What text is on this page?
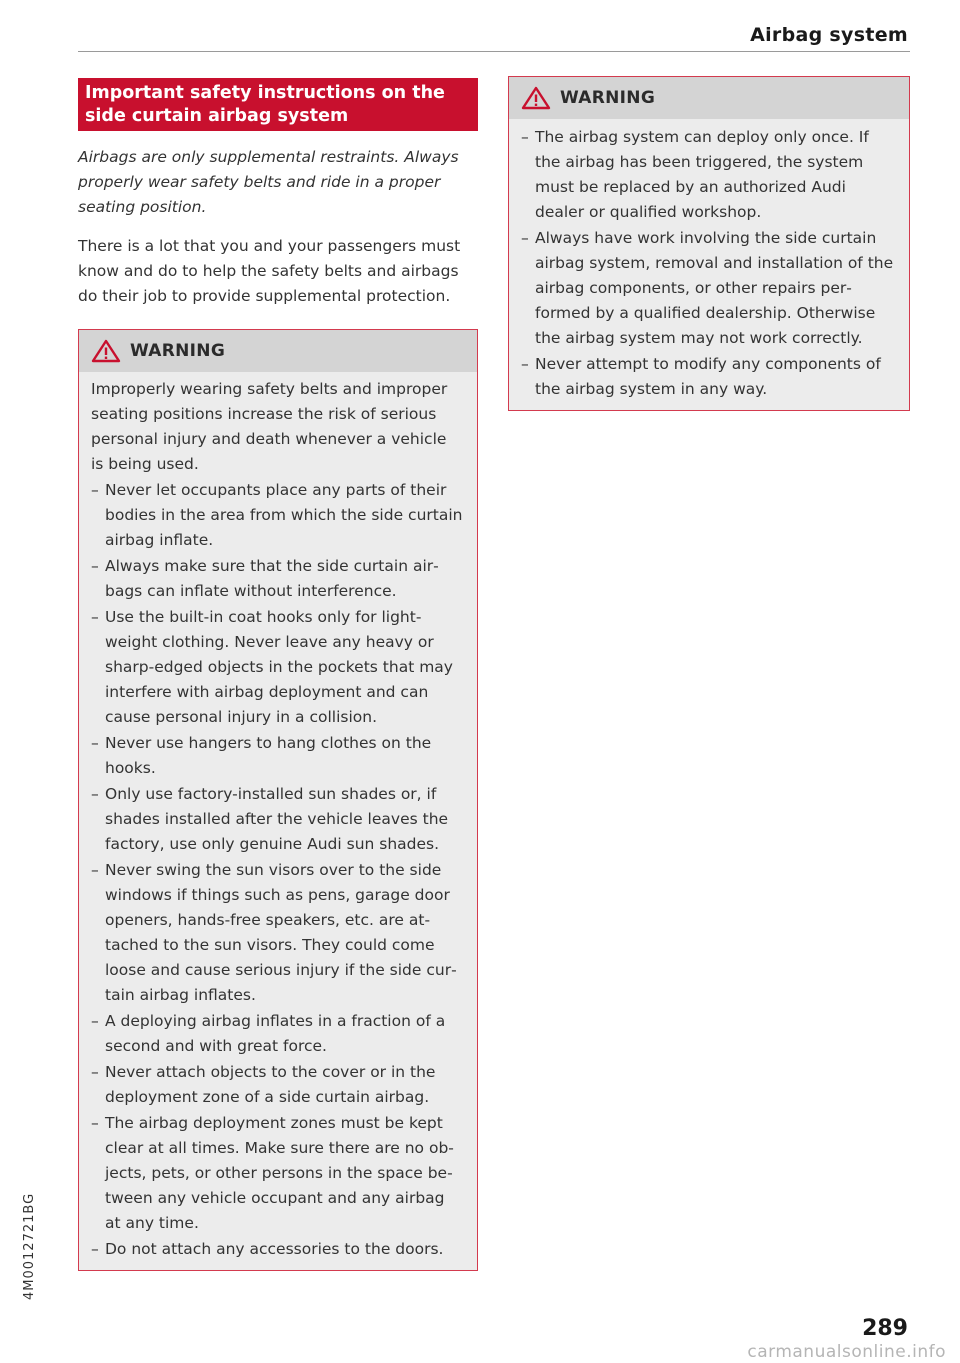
Airbag system
4M0012721BG
Important safety instructions on the side curtain airbag system

Airbags are only supplemental restraints. Always properly wear safety belts and ride in a proper seating position.

There is a lot that you and your passengers must know and do to help the safety belts and airbags do their job to provide supplemental protection.

WARNING

Improperly wearing safety belts and improper seating positions increase the risk of serious personal injury and death whenever a vehicle is being used.

– Never let occupants place any parts of their bodies in the area from which the side curtain airbag inflate.
– Always make sure that the side curtain airbags can inflate without interference.
– Use the built-in coat hooks only for lightweight clothing. Never leave any heavy or sharp-edged objects in the pockets that may interfere with airbag deployment and can cause personal injury in a collision.
– Never use hangers to hang clothes on the hooks.
– Only use factory-installed sun shades or, if shades installed after the vehicle leaves the factory, use only genuine Audi sun shades.
– Never swing the sun visors over to the side windows if things such as pens, garage door openers, hands-free speakers, etc. are attached to the sun visors. They could come loose and cause serious injury if the side curtain airbag inflates.
– A deploying airbag inflates in a fraction of a second and with great force.
– Never attach objects to the cover or in the deployment zone of a side curtain airbag.
– The airbag deployment zones must be kept clear at all times. Make sure there are no objects, pets, or other persons in the space between any vehicle occupant and any airbag at any time.
– Do not attach any accessories to the doors.
WARNING
– The airbag system can deploy only once. If the airbag has been triggered, the system must be replaced by an authorized Audi dealer or qualified workshop.
– Always have work involving the side curtain airbag system, removal and installation of the airbag components, or other repairs performed by a qualified dealership. Otherwise the airbag system may not work correctly.
– Never attempt to modify any components of the airbag system in any way.
289
carmanualsonline.info
